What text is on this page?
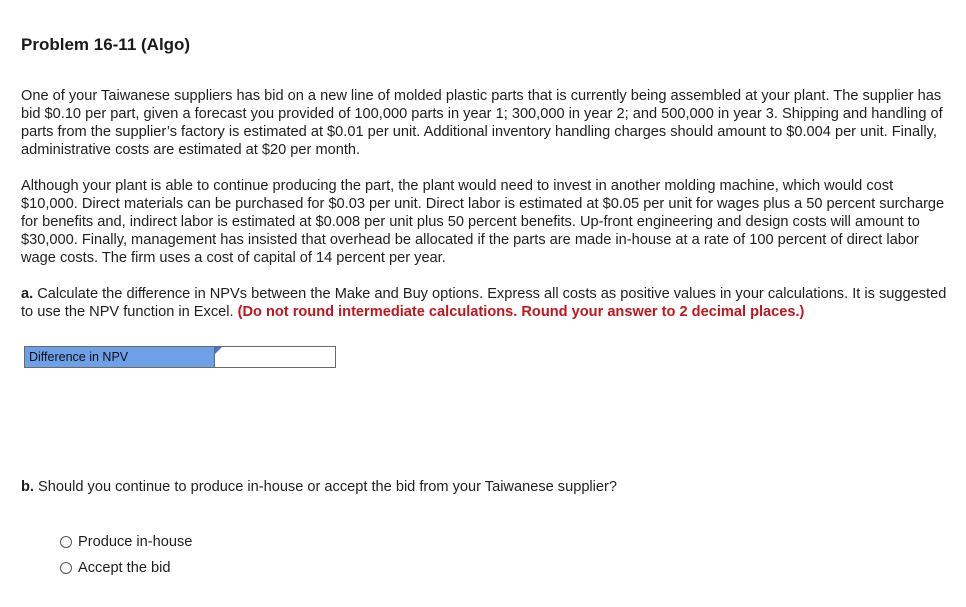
Problem 16-11 (Algo)

One of your Taiwanese suppliers has bid on a new line of molded plastic parts that is currently being assembled at your plant. The supplier has bid $0.10 per part, given a forecast you provided of 100,000 parts in year 1; 300,000 in year 2; and 500,000 in year 3. Shipping and handling of parts from the supplier’s factory is estimated at $0.01 per unit. Additional inventory handling charges should amount to $0.004 per unit. Finally, administrative costs are estimated at $20 per month.

Although your plant is able to continue producing the part, the plant would need to invest in another molding machine, which would cost $10,000. Direct materials can be purchased for $0.03 per unit. Direct labor is estimated at $0.05 per unit for wages plus a 50 percent surcharge for benefits and, indirect labor is estimated at $0.008 per unit plus 50 percent benefits. Up-front engineering and design costs will amount to $30,000. Finally, management has insisted that overhead be allocated if the parts are made in-house at a rate of 100 percent of direct labor wage costs. The firm uses a cost of capital of 14 percent per year.

a. Calculate the difference in NPVs between the Make and Buy options. Express all costs as positive values in your calculations. It is suggested to use the NPV function in Excel. (Do not round intermediate calculations. Round your answer to 2 decimal places.)

Difference in NPV

b. Should you continue to produce in-house or accept the bid from your Taiwanese supplier?

Produce in-house
Accept the bid
